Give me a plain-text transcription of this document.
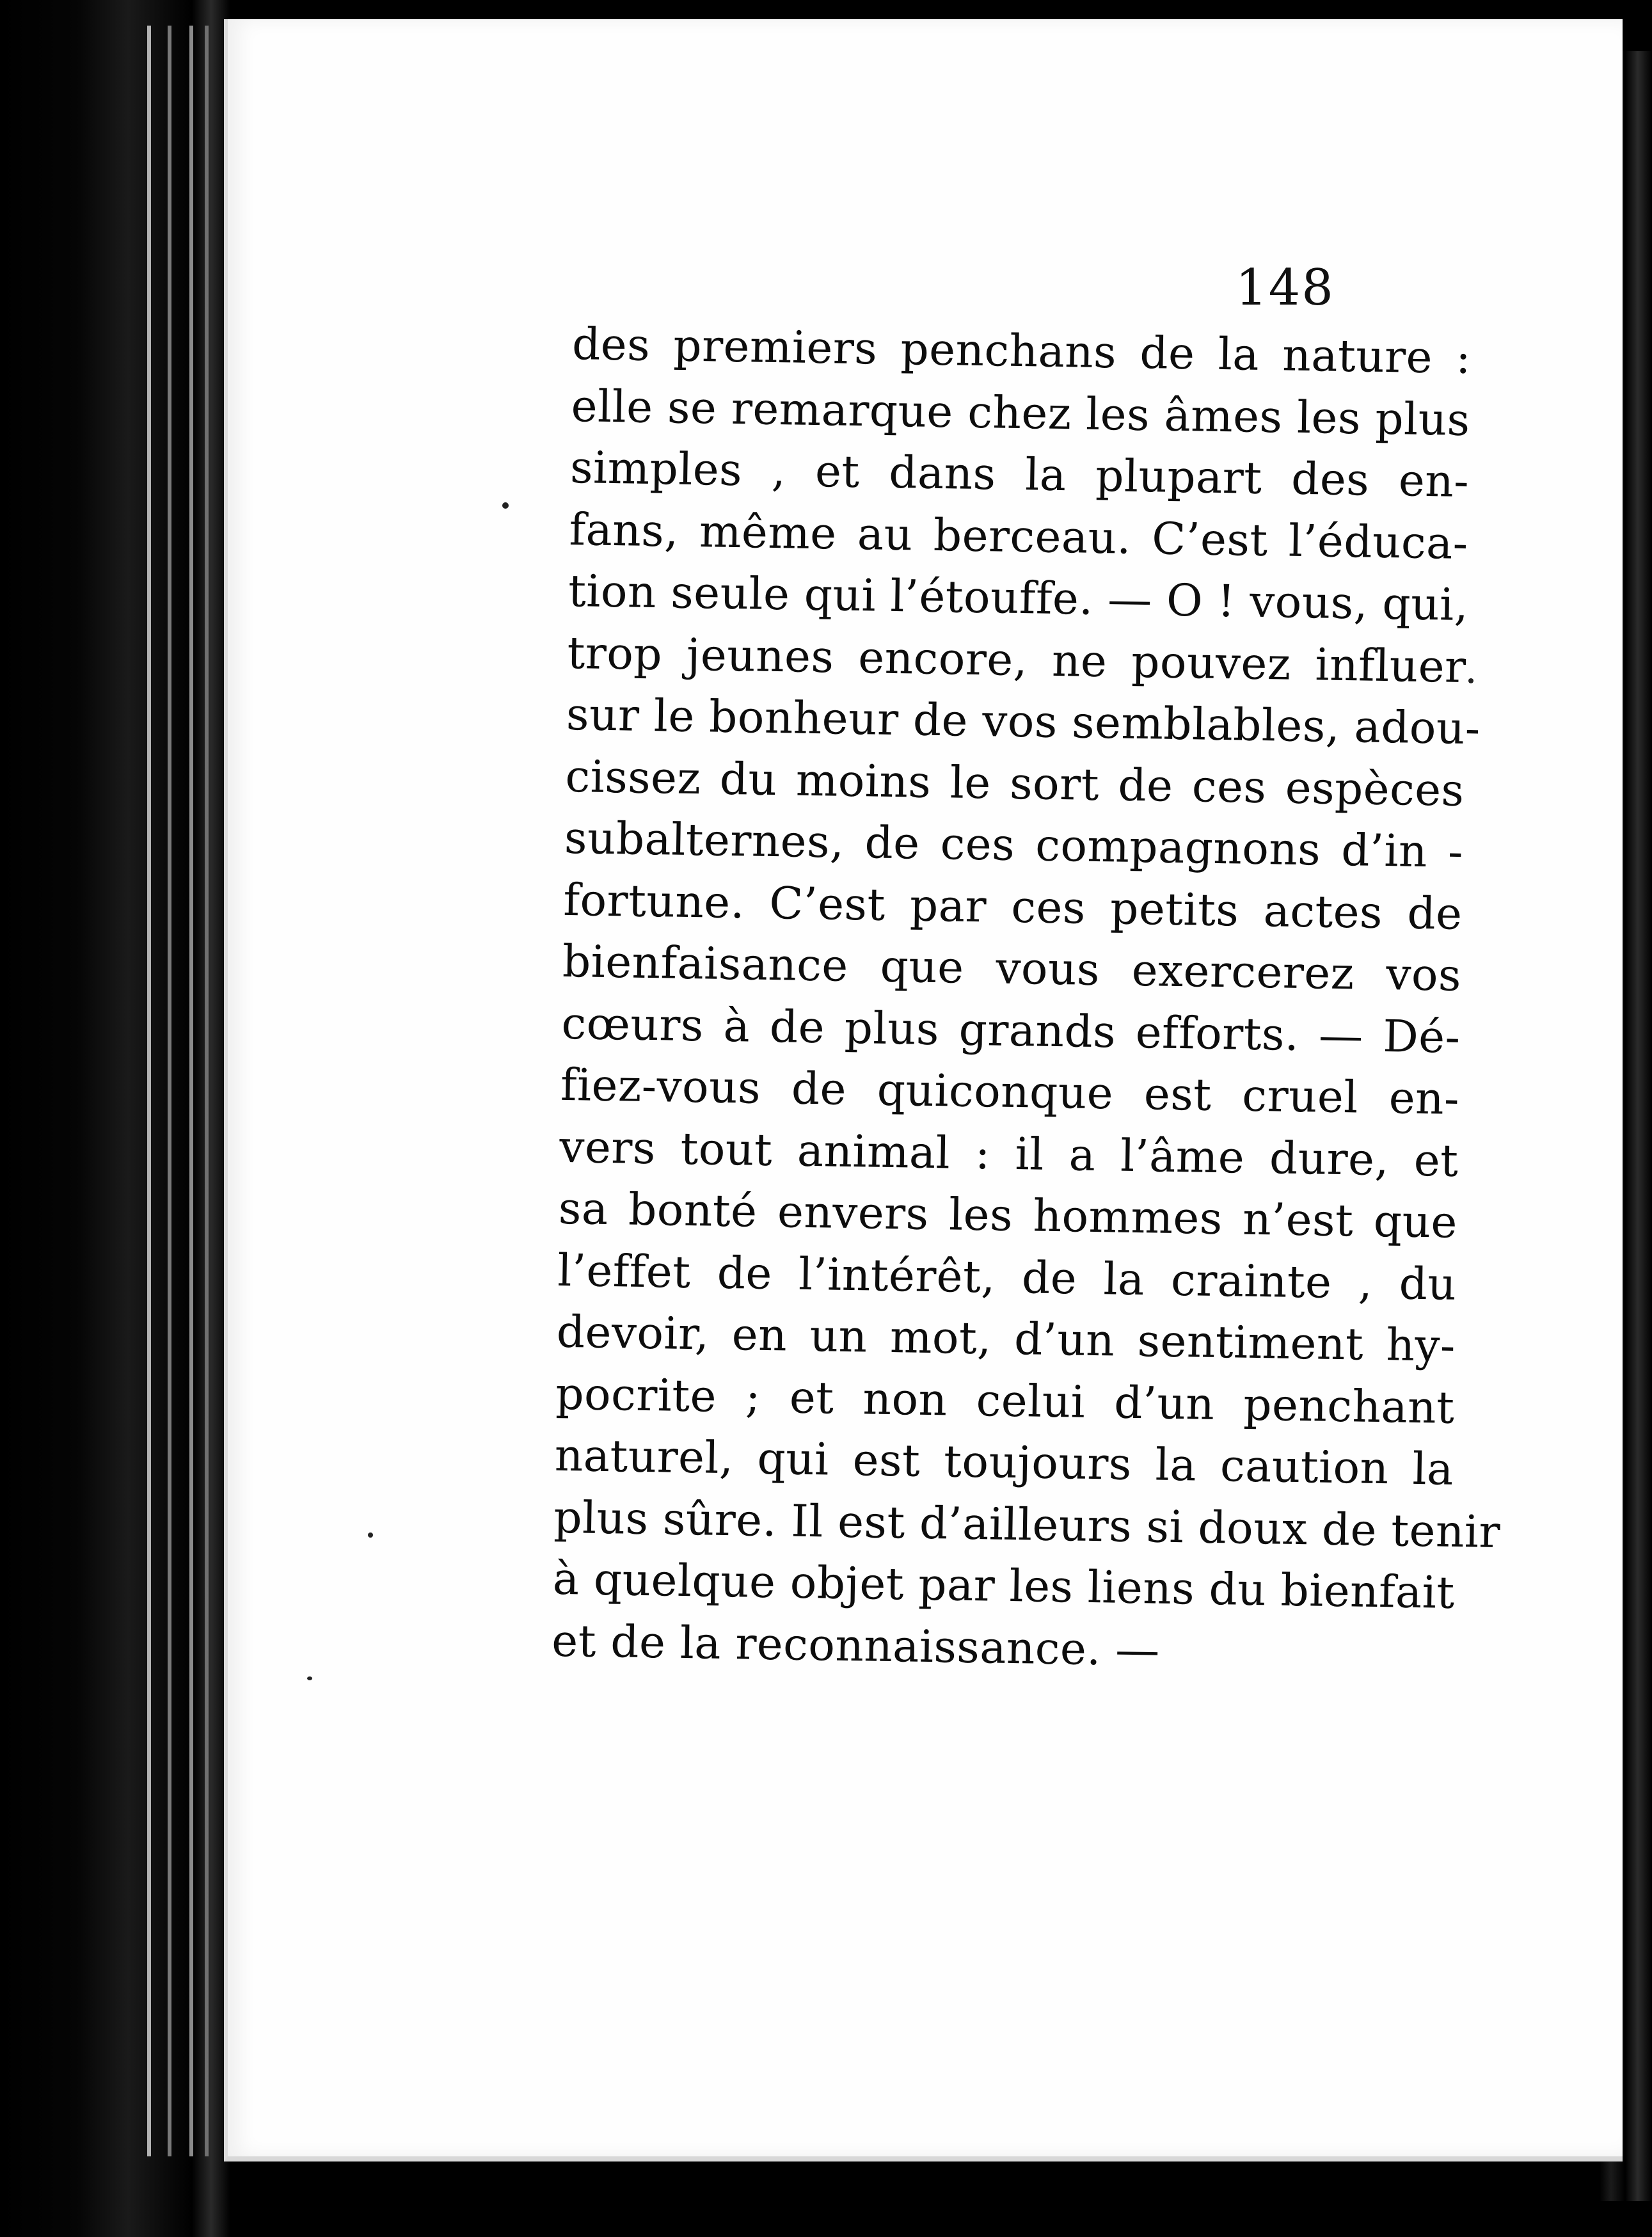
148
des premiers penchans de la nature :
elle se remarque chez les âmes les plus
simples , et dans la plupart des en-
fans, même au berceau. C’est l’éduca-
tion seule qui l’étouffe. — O ! vous, qui,
trop jeunes encore, ne pouvez influer
sur le bonheur de vos semblables, adou-
cissez du moins le sort de ces espèces
subalternes, de ces compagnons d’in -
fortune. C’est par ces petits actes de
bienfaisance que vous exercerez vos
cœurs à de plus grands efforts. — Dé-
fiez-vous de quiconque est cruel en-
vers tout animal : il a l’âme dure, et
sa bonté envers les hommes n’est que
l’effet de l’intérêt, de la crainte , du
devoir, en un mot, d’un sentiment hy-
pocrite ; et non celui d’un penchant
naturel, qui est toujours la caution la
plus sûre. Il est d’ailleurs si doux de tenir
à quelque objet par les liens du bienfait
et de la reconnaissance. —
